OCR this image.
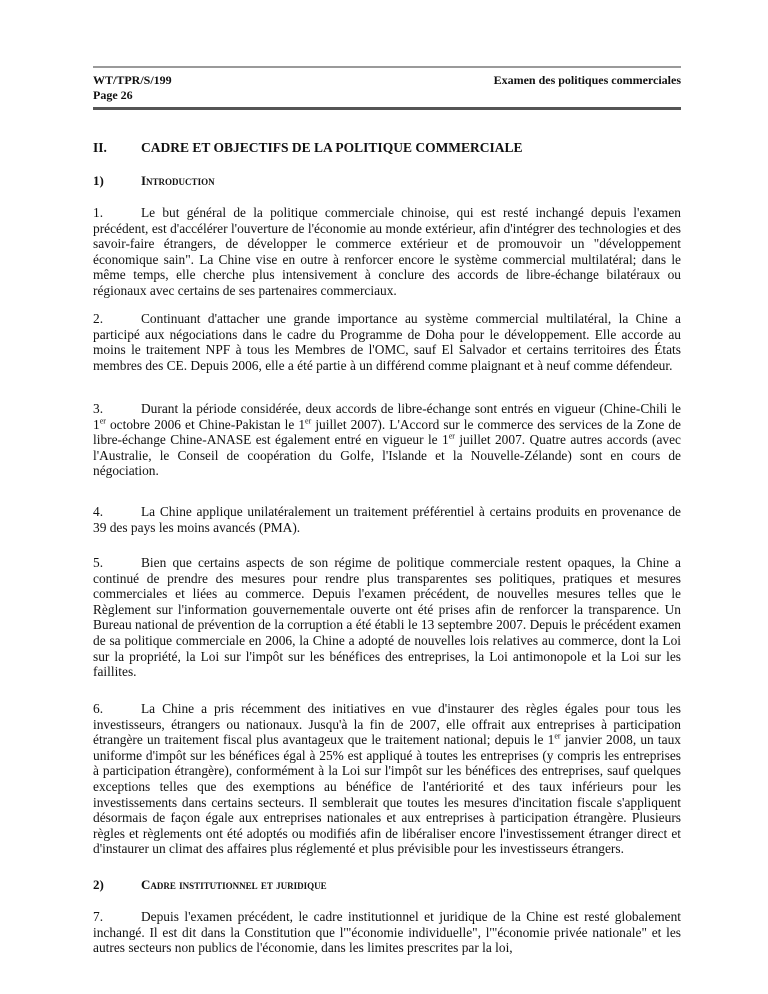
WT/TPR/S/199
Page 26
Examen des politiques commerciales
II.	CADRE ET OBJECTIFS DE LA POLITIQUE COMMERCIALE
1)	Introduction
1.	Le but général de la politique commerciale chinoise, qui est resté inchangé depuis l'examen précédent, est d'accélérer l'ouverture de l'économie au monde extérieur, afin d'intégrer des technologies et des savoir-faire étrangers, de développer le commerce extérieur et de promouvoir un "développement économique sain". La Chine vise en outre à renforcer encore le système commercial multilatéral; dans le même temps, elle cherche plus intensivement à conclure des accords de libre-échange bilatéraux ou régionaux avec certains de ses partenaires commerciaux.
2.	Continuant d'attacher une grande importance au système commercial multilatéral, la Chine a participé aux négociations dans le cadre du Programme de Doha pour le développement. Elle accorde au moins le traitement NPF à tous les Membres de l'OMC, sauf El Salvador et certains territoires des États membres des CE. Depuis 2006, elle a été partie à un différend comme plaignant et à neuf comme défendeur.
3.	Durant la période considérée, deux accords de libre-échange sont entrés en vigueur (Chine-Chili le 1er octobre 2006 et Chine-Pakistan le 1er juillet 2007). L'Accord sur le commerce des services de la Zone de libre-échange Chine-ANASE est également entré en vigueur le 1er juillet 2007. Quatre autres accords (avec l'Australie, le Conseil de coopération du Golfe, l'Islande et la Nouvelle-Zélande) sont en cours de négociation.
4.	La Chine applique unilatéralement un traitement préférentiel à certains produits en provenance de 39 des pays les moins avancés (PMA).
5.	Bien que certains aspects de son régime de politique commerciale restent opaques, la Chine a continué de prendre des mesures pour rendre plus transparentes ses politiques, pratiques et mesures commerciales et liées au commerce. Depuis l'examen précédent, de nouvelles mesures telles que le Règlement sur l'information gouvernementale ouverte ont été prises afin de renforcer la transparence. Un Bureau national de prévention de la corruption a été établi le 13 septembre 2007. Depuis le précédent examen de sa politique commerciale en 2006, la Chine a adopté de nouvelles lois relatives au commerce, dont la Loi sur la propriété, la Loi sur l'impôt sur les bénéfices des entreprises, la Loi antimonopole et la Loi sur les faillites.
6.	La Chine a pris récemment des initiatives en vue d'instaurer des règles égales pour tous les investisseurs, étrangers ou nationaux. Jusqu'à la fin de 2007, elle offrait aux entreprises à participation étrangère un traitement fiscal plus avantageux que le traitement national; depuis le 1er janvier 2008, un taux uniforme d'impôt sur les bénéfices égal à 25% est appliqué à toutes les entreprises (y compris les entreprises à participation étrangère), conformément à la Loi sur l'impôt sur les bénéfices des entreprises, sauf quelques exceptions telles que des exemptions au bénéfice de l'antériorité et des taux inférieurs pour les investissements dans certains secteurs. Il semblerait que toutes les mesures d'incitation fiscale s'appliquent désormais de façon égale aux entreprises nationales et aux entreprises à participation étrangère. Plusieurs règles et règlements ont été adoptés ou modifiés afin de libéraliser encore l'investissement étranger direct et d'instaurer un climat des affaires plus réglementé et plus prévisible pour les investisseurs étrangers.
2)	Cadre institutionnel et juridique
7.	Depuis l'examen précédent, le cadre institutionnel et juridique de la Chine est resté globalement inchangé. Il est dit dans la Constitution que l'"économie individuelle", l'"économie privée nationale" et les autres secteurs non publics de l'économie, dans les limites prescrites par la loi,
